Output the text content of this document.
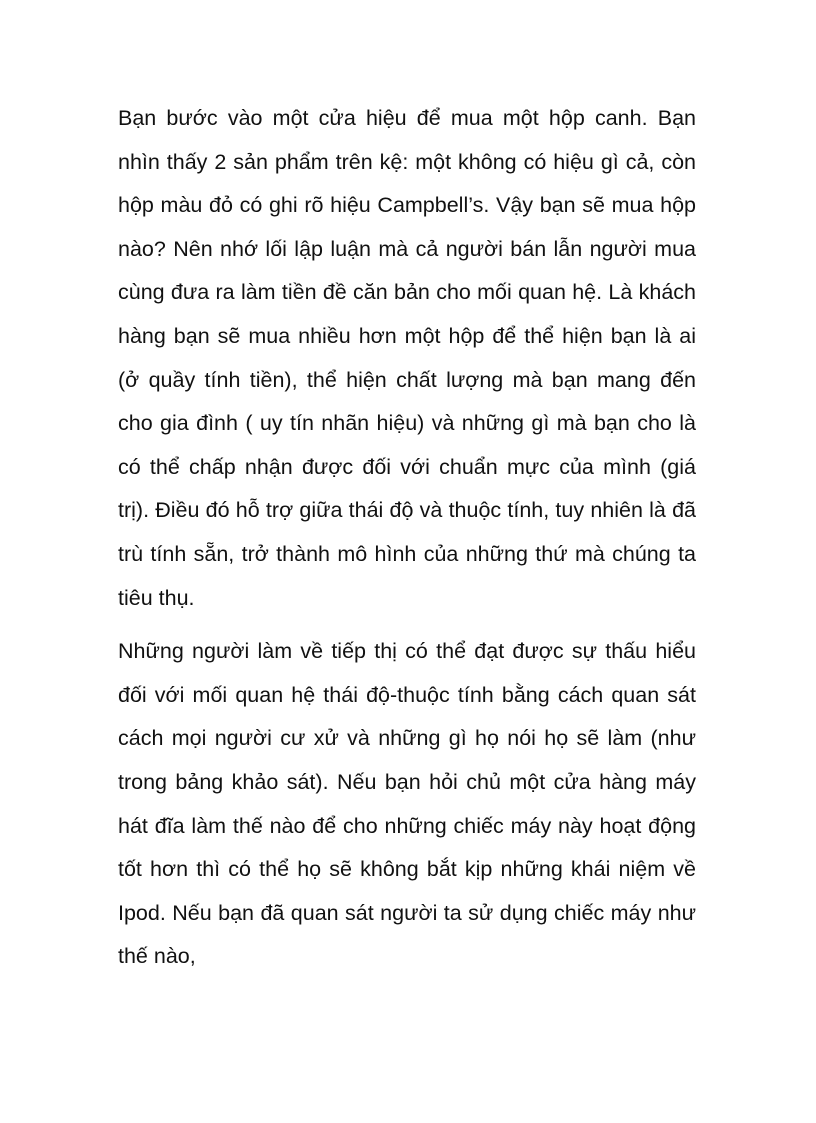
Bạn bước vào một cửa hiệu để mua một hộp canh. Bạn nhìn thấy 2 sản phẩm trên kệ: một không có hiệu gì cả, còn hộp màu đỏ có ghi rõ hiệu Campbell’s. Vậy bạn sẽ mua hộp nào? Nên nhớ lối lập luận mà cả người bán lẫn người mua cùng đưa ra làm tiền đề căn bản cho mối quan hệ. Là khách hàng bạn sẽ mua nhiều hơn một hộp để thể hiện bạn là ai (ở quầy tính tiền), thể hiện chất lượng mà bạn mang đến cho gia đình ( uy tín nhãn hiệu) và những gì mà bạn cho là có thể chấp nhận được đối với chuẩn mực của mình (giá trị). Điều đó hỗ trợ giữa thái độ và thuộc tính, tuy nhiên là đã trù tính sẵn, trở thành mô hình của những thứ mà chúng ta tiêu thụ.

Những người làm về tiếp thị có thể đạt được sự thấu hiểu đối với mối quan hệ thái độ-thuộc tính bằng cách quan sát cách mọi người cư xử và những gì họ nói họ sẽ làm (như trong bảng khảo sát). Nếu bạn hỏi chủ một cửa hàng máy hát đĩa làm thế nào để cho những chiếc máy này hoạt động tốt hơn thì có thể họ sẽ không bắt kịp những khái niệm về Ipod. Nếu bạn đã quan sát người ta sử dụng chiếc máy như thế nào,
